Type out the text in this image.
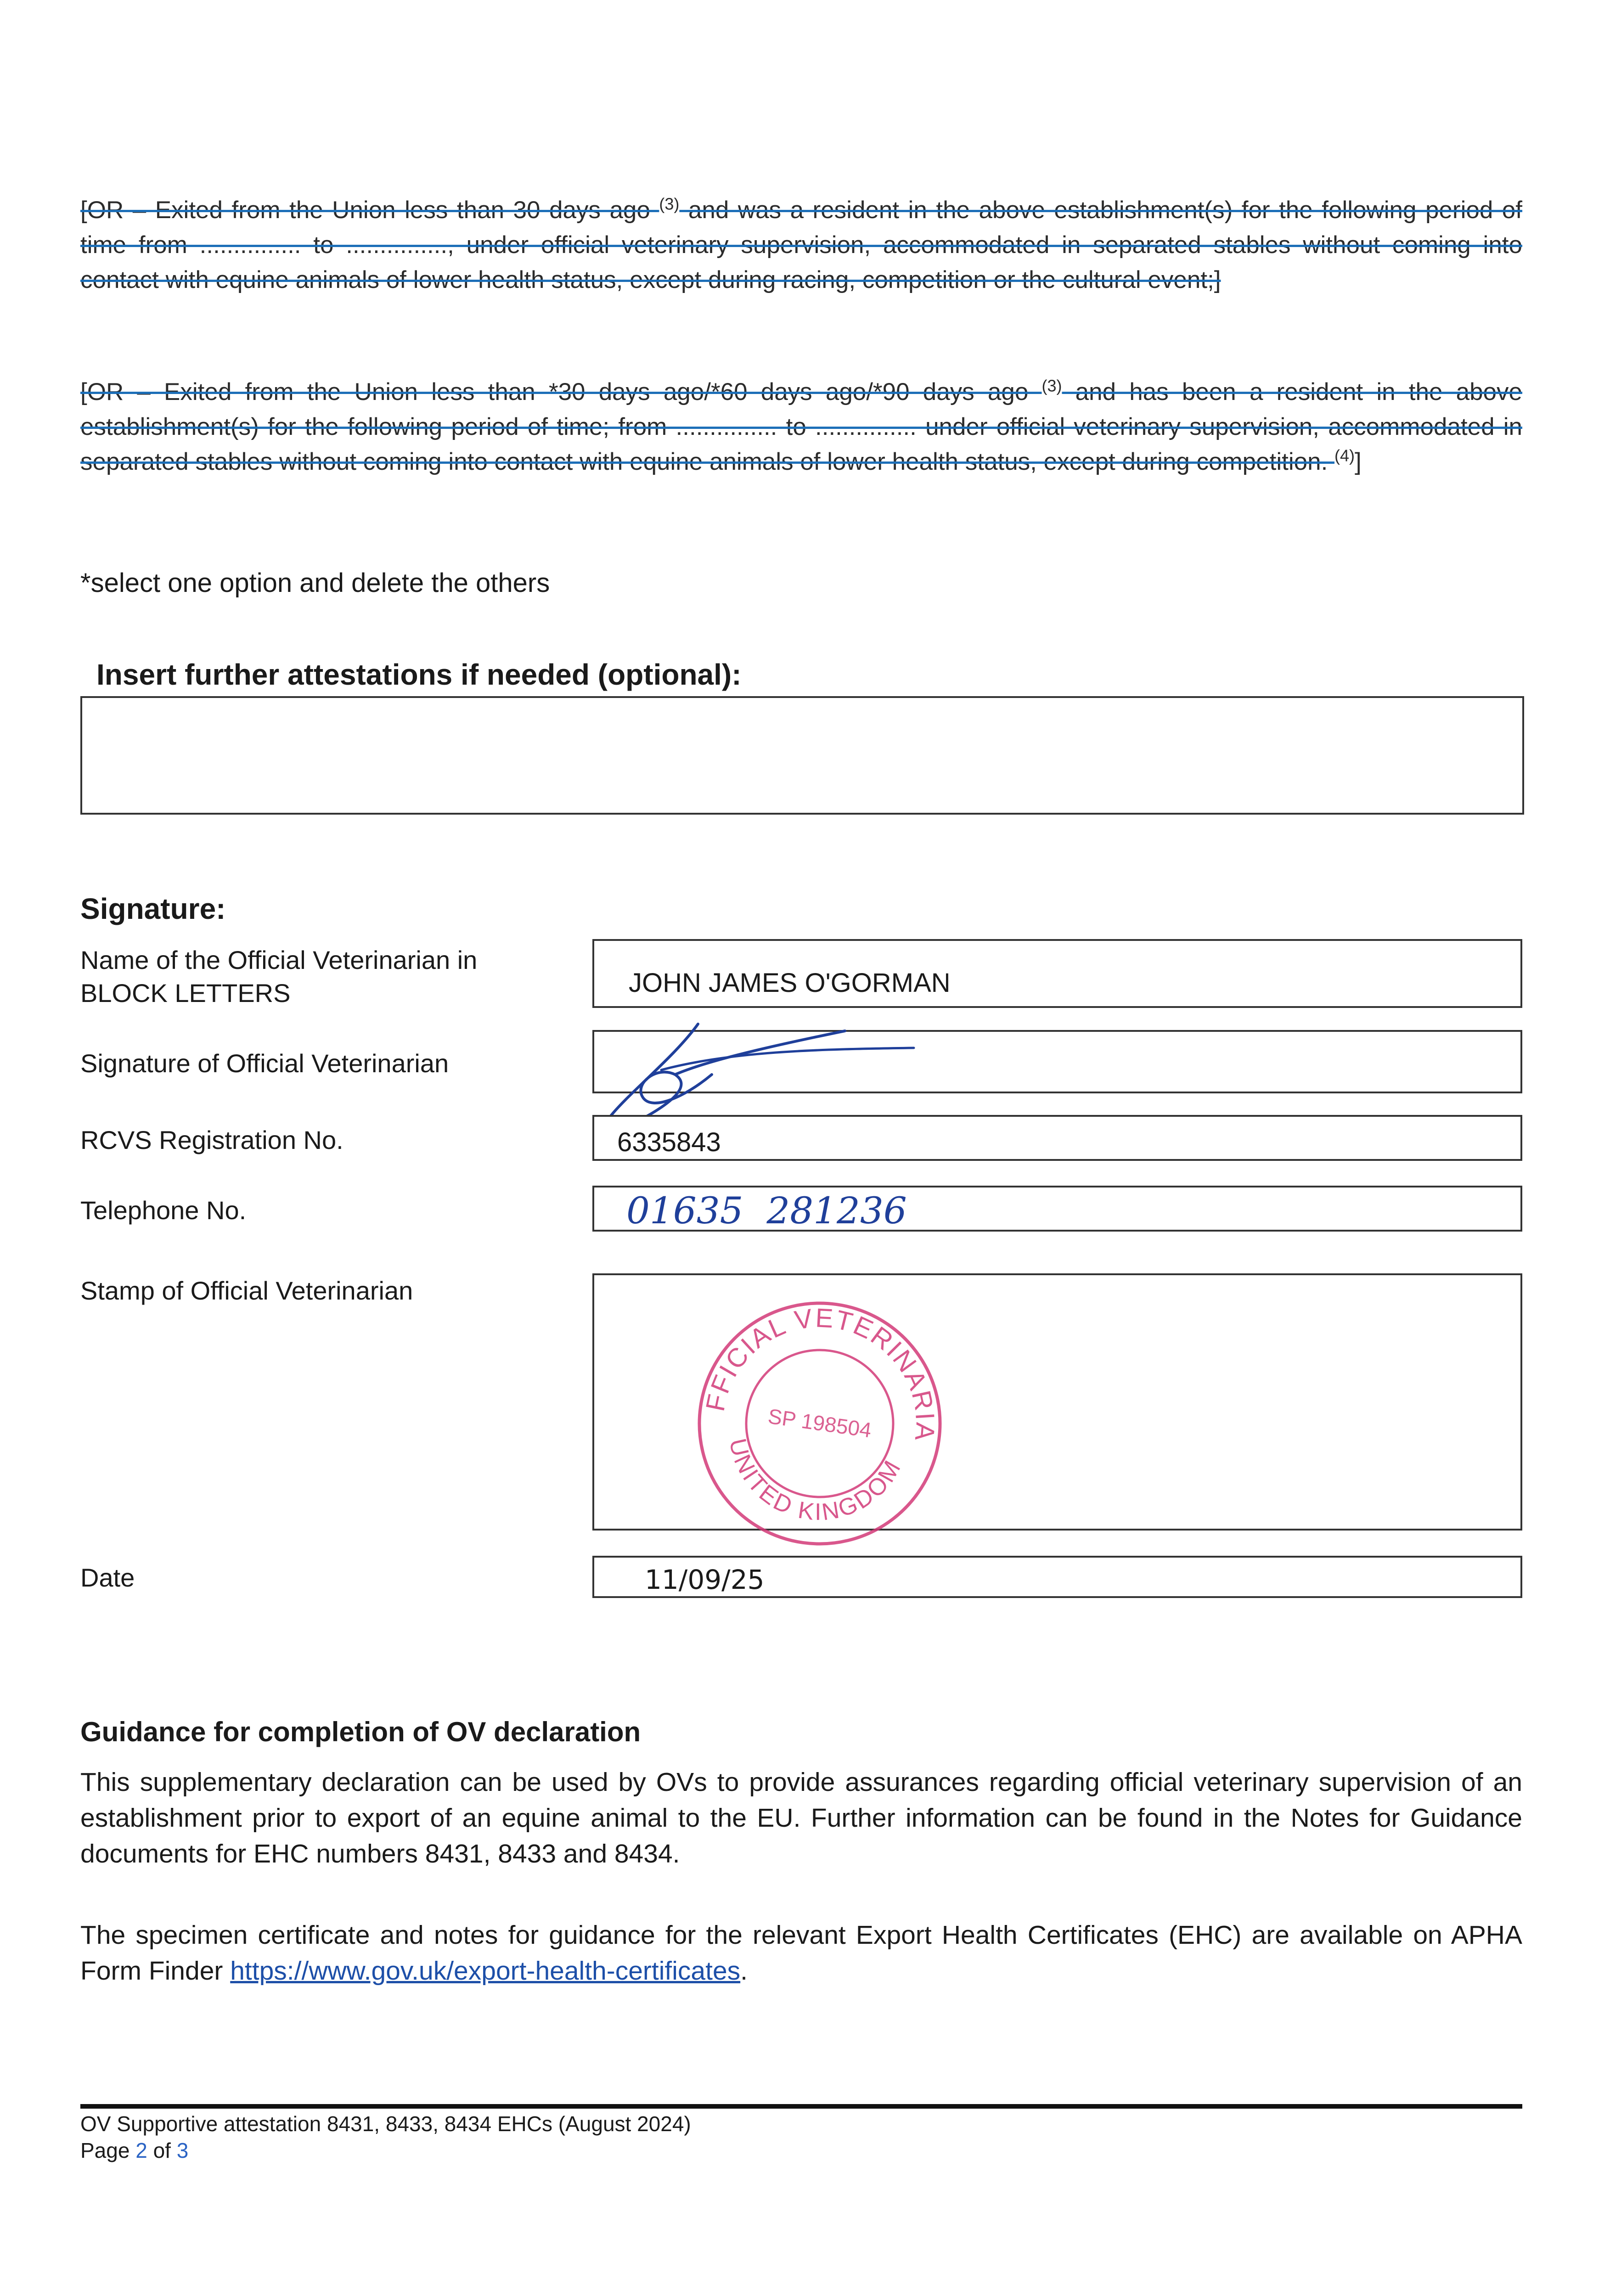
[OR – Exited from the Union less than 30 days ago $^{(3)}$ and was a resident in the above establishment(s) for the following period of time from ............... to ..............., under official veterinary supervision, accommodated in separated stables without coming into contact with equine animals of lower health status, except during racing, competition or the cultural event;]
[OR – Exited from the Union less than *30 days ago/*60 days ago/*90 days ago $^{(3)}$ and has been a resident in the above establishment(s) for the following period of time; from ............... to ............... under official veterinary supervision, accommodated in separated stables without coming into contact with equine animals of lower health status, except during competition. $^{(4)}$]
*select one option and delete the others
Insert further attestations if needed (optional):
Signature:
Name of the Official Veterinarian in BLOCK LETTERS	JOHN JAMES O'GORMAN
Signature of Official Veterinarian
RCVS Registration No.	6335843
Telephone No.	01635  281236
Stamp of Official Veterinarian
OFFICIAL VETERINARIAN
UNITED KINGDOM
SP 198504
Date	11/09/25
Guidance for completion of OV declaration
This supplementary declaration can be used by OVs to provide assurances regarding official veterinary supervision of an establishment prior to export of an equine animal to the EU. Further information can be found in the Notes for Guidance documents for EHC numbers 8431, 8433 and 8434.
The specimen certificate and notes for guidance for the relevant Export Health Certificates (EHC) are available on APHA Form Finder https://www.gov.uk/export-health-certificates.
OV Supportive attestation 8431, 8433, 8434 EHCs (August 2024)
Page 2 of 3
